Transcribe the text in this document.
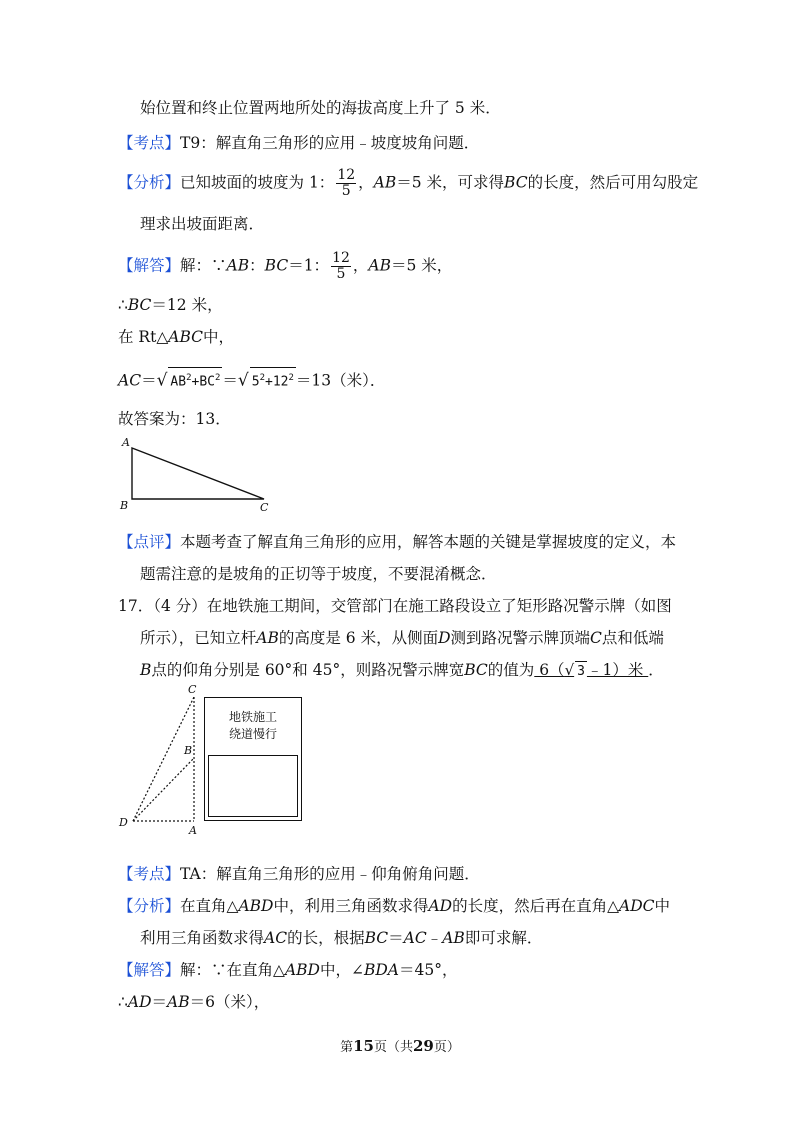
始位置和终止位置两地所处的海拔高度上升了 5 米．
【考点】T9：解直角三角形的应用﹣坡度坡角问题．
【分析】已知坡面的坡度为 1： $\frac{12}{5}$ ，AB＝5 米，可求得BC的长度，然后可用勾股定
理求出坡面距离．
【解答】解：∵AB：BC＝1： $\frac{12}{5}$ ，AB＝5 米，
∴BC＝12 米，
在 Rt△ABC中，
AC＝√ $AB^2+BC^2$ ＝√ $5^2+12^2 =13$（米）．
故答案为：13．
A
B	C
【点评】本题考查了解直角三角形的应用，解答本题的关键是掌握坡度的定义，本
题需注意的是坡角的正切等于坡度，不要混淆概念．
17．（4 分）在地铁施工期间，交管部门在施工路段设立了矩形路况警示牌（如图
所示），已知立杆AB的高度是 6 米，从侧面D测到路况警示牌顶端C点和低端
B点的仰角分别是 60°和 45°，则路况警示牌宽BC的值为 6（√ 3 ﹣1）米 ．
C
B
D
A
地铁施工
绕道慢行
【考点】TA：解直角三角形的应用﹣仰角俯角问题．
【分析】在直角△ABD中，利用三角函数求得AD的长度，然后再在直角△ADC中
利用三角函数求得AC的长，根据BC＝AC﹣AB即可求解．
【解答】解：∵在直角△ABD中，∠BDA＝45°，
∴AD＝AB＝6（米），
第15页（共29页）
